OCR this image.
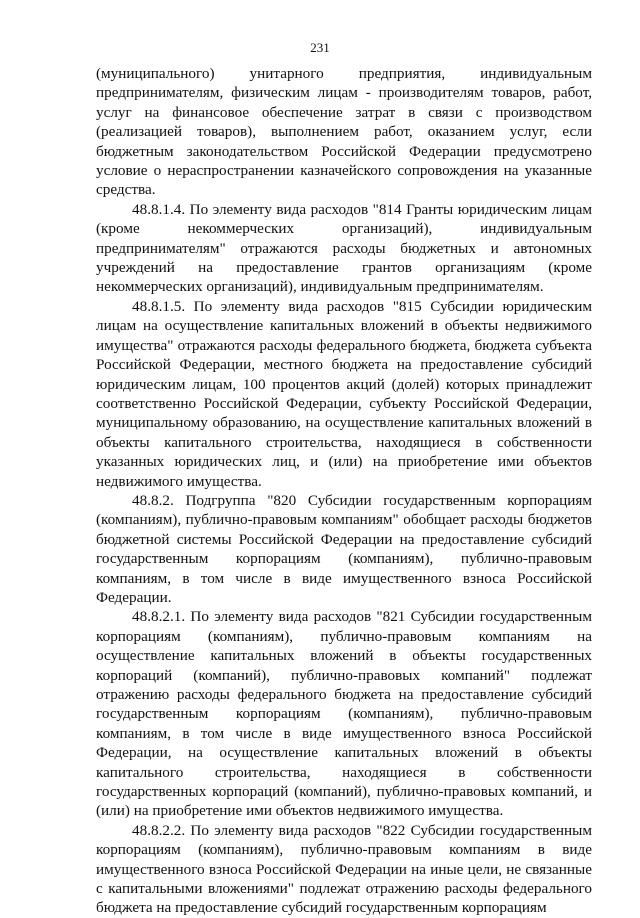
231

(муниципального) унитарного предприятия, индивидуальным предпринимателям, физическим лицам - производителям товаров, работ, услуг на финансовое обеспечение затрат в связи с производством (реализацией товаров), выполнением работ, оказанием услуг, если бюджетным законодательством Российской Федерации предусмотрено условие о нераспространении казначейского сопровождения на указанные средства.

48.8.1.4. По элементу вида расходов "814 Гранты юридическим лицам (кроме некоммерческих организаций), индивидуальным предпринимателям" отражаются расходы бюджетных и автономных учреждений на предоставление грантов организациям (кроме некоммерческих организаций), индивидуальным предпринимателям.

48.8.1.5. По элементу вида расходов "815 Субсидии юридическим лицам на осуществление капитальных вложений в объекты недвижимого имущества" отражаются расходы федерального бюджета, бюджета субъекта Российской Федерации, местного бюджета на предоставление субсидий юридическим лицам, 100 процентов акций (долей) которых принадлежит соответственно Российской Федерации, субъекту Российской Федерации, муниципальному образованию, на осуществление капитальных вложений в объекты капитального строительства, находящиеся в собственности указанных юридических лиц, и (или) на приобретение ими объектов недвижимого имущества.

48.8.2. Подгруппа "820 Субсидии государственным корпорациям (компаниям), публично-правовым компаниям" обобщает расходы бюджетов бюджетной системы Российской Федерации на предоставление субсидий государственным корпорациям (компаниям), публично-правовым компаниям, в том числе в виде имущественного взноса Российской Федерации.

48.8.2.1. По элементу вида расходов "821 Субсидии государственным корпорациям (компаниям), публично-правовым компаниям на осуществление капитальных вложений в объекты государственных корпораций (компаний), публично-правовых компаний" подлежат отражению расходы федерального бюджета на предоставление субсидий государственным корпорациям (компаниям), публично-правовым компаниям, в том числе в виде имущественного взноса Российской Федерации, на осуществление капитальных вложений в объекты капитального строительства, находящиеся в собственности государственных корпораций (компаний), публично-правовых компаний, и (или) на приобретение ими объектов недвижимого имущества.

48.8.2.2. По элементу вида расходов "822 Субсидии государственным корпорациям (компаниям), публично-правовым компаниям в виде имущественного взноса Российской Федерации на иные цели, не связанные с капитальными вложениями" подлежат отражению расходы федерального бюджета на предоставление субсидий государственным корпорациям
